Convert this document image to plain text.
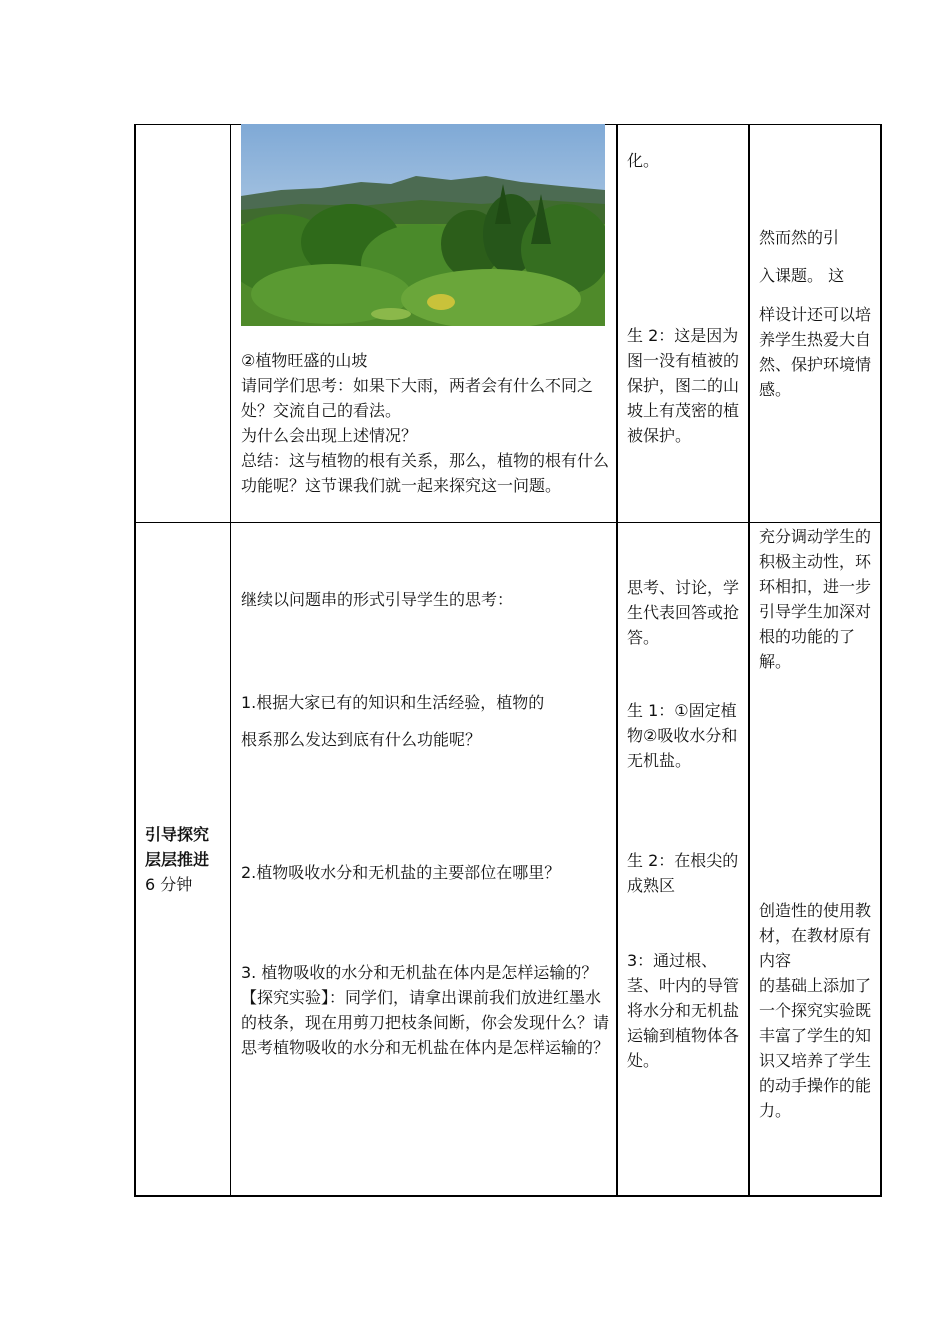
②植物旺盛的山坡

请同学们思考：如果下大雨，两者会有什么不同之处？交流自己的看法。

为什么会出现上述情况？

总结：这与植物的根有关系，那么，植物的根有什么功能呢？这节课我们就一起来探究这一问题。

化。

生 2：这是因为图一没有植被的保护，图二的山坡上有茂密的植被保护。

然而然的引

入课题。 这

样设计还可以培养学生热爱大自然、保护环境情感。

引导探究

层层推进

6 分钟

继续以问题串的形式引导学生的思考：

1.根据大家已有的知识和生活经验，植物的

根系那么发达到底有什么功能呢？

2.植物吸收水分和无机盐的主要部位在哪里？

3. 植物吸收的水分和无机盐在体内是怎样运输的？

【探究实验】：同学们，请拿出课前我们放进红墨水的枝条，现在用剪刀把枝条间断，你会发现什么？请思考植物吸收的水分和无机盐在体内是怎样运输的？

思考、讨论，学生代表回答或抢答。

生 1：①固定植物②吸收水分和无机盐。

生 2：在根尖的成熟区

3：通过根、茎、叶内的导管将水分和无机盐运输到植物体各处。

充分调动学生的积极主动性，环环相扣，进一步引导学生加深对根的功能的了解。

创造性的使用教材，在教材原有内容

的基础上添加了一个探究实验既丰富了学生的知识又培养了学生的动手操作的能力。
